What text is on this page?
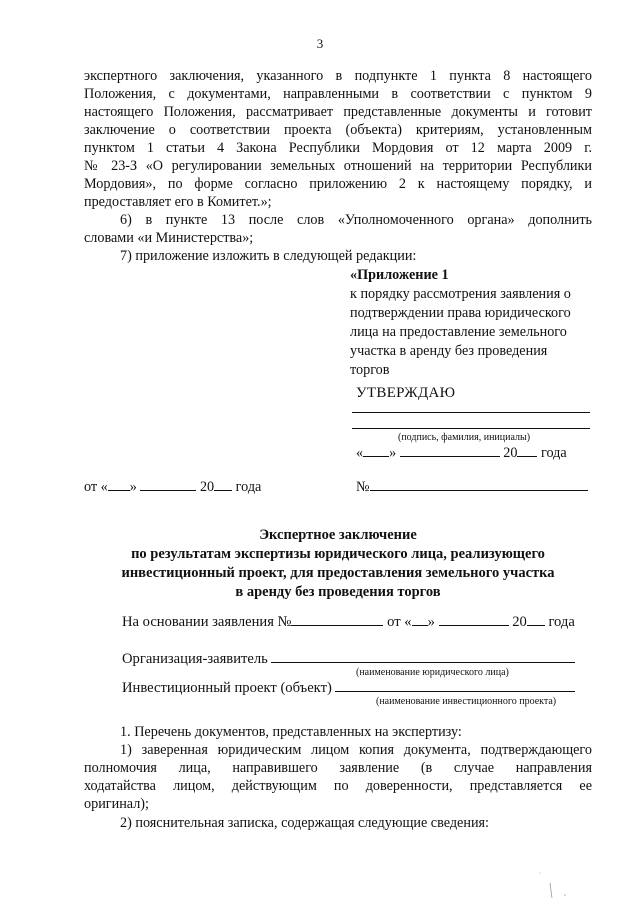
3
экспертного заключения, указанного в подпункте 1 пункта 8 настоящего
Положения, с документами, направленными в соответствии с пунктом 9
настоящего Положения, рассматривает представленные документы и готовит
заключение о соответствии проекта (объекта) критериям, установленным
пунктом 1 статьи 4 Закона Республики Мордовия от 12 марта 2009 г.
№ 23-З «О регулировании земельных отношений на территории Республики
Мордовия», по форме согласно приложению 2 к настоящему порядку, и
предоставляет его в Комитет.»;
6) в пункте 13 после слов «Уполномоченного органа» дополнить
словами «и Министерства»;
7) приложение изложить в следующей редакции:
«Приложение 1
к порядку рассмотрения заявления о
подтверждении права юридического
лица на предоставление земельного
участка в аренду без проведения
торгов
УТВЕРЖДАЮ
(подпись, фамилия, инициалы)
« »	20 года
от « »	20 года	№
Экспертное заключение
по результатам экспертизы юридического лица, реализующего
инвестиционный проект, для предоставления земельного участка
в аренду без проведения торгов
На основании заявления №	от « »	20 года
Организация-заявитель
(наименование юридического лица)
Инвестиционный проект (объект)
(наименование инвестиционного проекта)
1. Перечень документов, представленных на экспертизу:
1) заверенная юридическим лицом копия документа, подтверждающего
полномочия лица, направившего заявление (в случае направления
ходатайства лицом, действующим по доверенности, представляется ее
оригинал);
2) пояснительная записка, содержащая следующие сведения:
